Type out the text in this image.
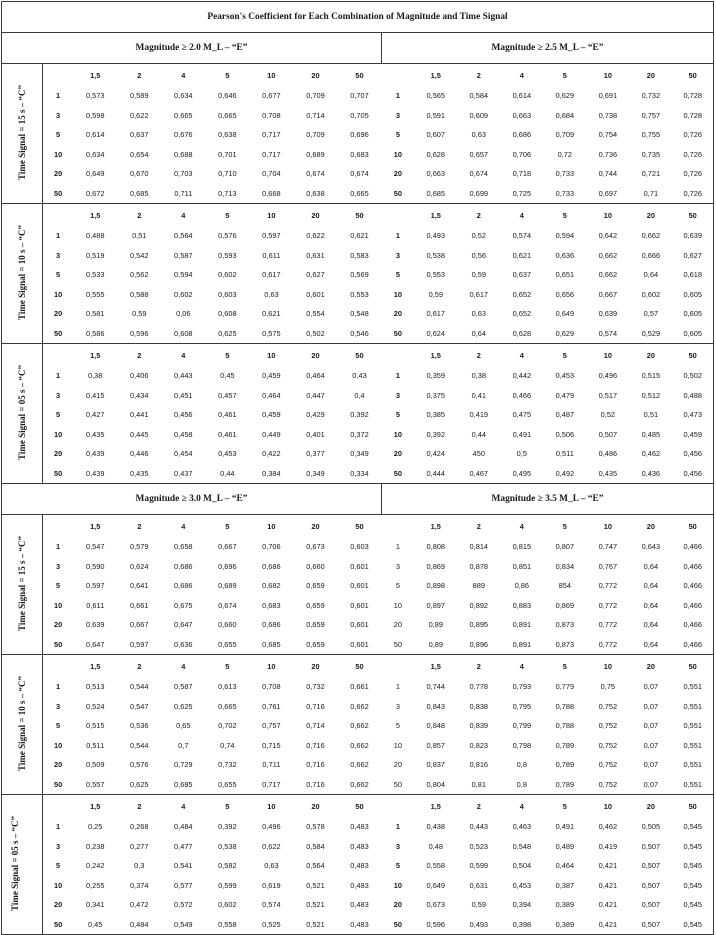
Pearson's Coefficient for Each Combination of Magnitude and Time Signal																
Magnitude ≥ 2.0 M_L – “E”									Magnitude ≥ 2.5 M_L – “E”							
Time Signal = 15 s – “C”		1,5	2	4	5	10	20	50		1,5	2	4	5	10	20	50
	1	0,573	0,589	0,634	0,646	0,677	0,709	0,707	1	0,565	0,584	0,614	0,629	0,691	0,732	0,728
	3	0,598	0,622	0,665	0,665	0,708	0,714	0,705	3	0,591	0,609	0,663	0,684	0,738	0,757	0,728
	5	0,614	0,637	0,676	0,638	0,717	0,709	0,696	5	0,607	0,63	0,686	0,709	0,754	0,755	0,726
	10	0,634	0,654	0,688	0,701	0,717	0,689	0,683	10	0,628	0,657	0,706	0,72	0,736	0,735	0,726
	20	0,649	0,670	0,703	0,710	0,704	0,674	0,674	20	0,663	0,674	0,718	0,733	0,744	0,721	0,726
	50	0,672	0,685	0,711	0,713	0,668	0,638	0,665	50	0,685	0,699	0,725	0,733	0,697	0,71	0,726
Time Signal = 10 s – “C”		1,5	2	4	5	10	20	50		1,5	2	4	5	10	20	50
	1	0,488	0,51	0,564	0,576	0,597	0,622	0,621	1	0,493	0,52	0,574	0,594	0,642	0,662	0,639
	3	0,519	0,542	0,587	0,593	0,611	0,631	0,583	3	0,538	0,56	0,621	0,636	0,662	0,666	0,627
	5	0,533	0,562	0,594	0,602	0,617	0,627	0,569	5	0,553	0,59	0,637	0,651	0,662	0,64	0,618
	10	0,555	0,588	0,602	0,603	0,63	0,601	0,553	10	0,59	0,617	0,652	0,656	0,667	0,602	0,605
	20	0,581	0,59	0,06	0,608	0,621	0,554	0,548	20	0,617	0,63	0,652	0,649	0,639	0,57	0,605
	50	0,586	0,596	0,608	0,625	0,575	0,502	0,546	50	0,624	0,64	0,628	0,629	0,574	0,529	0,605
Time Signal = 05 s – “C”		1,5	2	4	5	10	20	50		1,5	2	4	5	10	20	50
	1	0,38	0,406	0,443	0,45	0,459	0,464	0,43	1	0,359	0,38	0,442	0,453	0,496	0,515	0,502
	3	0,415	0,434	0,451	0,457	0,464	0,447	0,4	3	0,375	0,41	0,466	0,479	0,517	0,512	0,488
	5	0,427	0,441	0,456	0,461	0,459	0,429	0,392	5	0,385	0,419	0,475	0,487	0,52	0,51	0,473
	10	0,435	0,445	0,458	0,461	0,449	0,401	0,372	10	0,392	0,44	0,491	0,506	0,507	0,485	0,459
	20	0,439	0,446	0,454	0,453	0,422	0,377	0,349	20	0,424	450	0,5	0,511	0,486	0,462	0,456
	50	0,439	0,435	0,437	0,44	0,384	0,349	0,334	50	0,444	0,467	0,495	0,492	0,435	0,436	0,456
Magnitude ≥ 3.0 M_L – “E”									Magnitude ≥ 3.5 M_L – “E”							
Time Signal = 15 s – “C”		1,5	2	4	5	10	20	50		1,5	2	4	5	10	20	50
	1	0,547	0,579	0,658	0,667	0,706	0,673	0,603	1	0,808	0,814	0,815	0,807	0,747	0,643	0,466
	3	0,590	0,624	0,686	0,696	0,686	0,660	0,601	3	0,869	0,878	0,851	0,834	0,767	0,64	0,466
	5	0,597	0,641	0,686	0,689	0,682	0,659	0,601	5	0,898	889	0,86	854	0,772	0,64	0,466
	10	0,611	0,661	0,675	0,674	0,683	0,659	0,601	10	0,897	0,892	0,883	0,869	0,772	0,64	0,466
	20	0,639	0,667	0,647	0,660	0,686	0,659	0,601	20	0,89	0,895	0,891	0,873	0,772	0,64	0,466
	50	0,647	0,597	0,636	0,655	0,685	0,659	0,601	50	0,89	0,896	0,891	0,873	0,772	0,64	0,466
Time Signal = 10 s – “C”		1,5	2	4	5	10	20	50		1,5	2	4	5	10	20	50
	1	0,513	0,544	0,587	0,613	0,708	0,732	0,661	1	0,744	0,778	0,793	0,779	0,75	0,07	0,551
	3	0,524	0,547	0,625	0,665	0,761	0,716	0,662	3	0,843	0,838	0,795	0,788	0,752	0,07	0,551
	5	0,515	0,536	0,65	0,702	0,757	0,714	0,662	5	0,848	0,839	0,799	0,788	0,752	0,07	0,551
	10	0,511	0,544	0,7	0,74	0,715	0,716	0,662	10	0,857	0,823	0,798	0,789	0,752	0,07	0,551
	20	0,509	0,576	0,729	0,732	0,711	0,716	0,662	20	0,837	0,816	0,8	0,789	0,752	0,07	0,551
	50	0,557	0,625	0,685	0,655	0,717	0,716	0,662	50	0,804	0,81	0,8	0,789	0,752	0,07	0,551
Time Signal = 05 s – “C”		1,5	2	4	5	10	20	50		1,5	2	4	5	10	20	50
	1	0,25	0,268	0,484	0,392	0,496	0,578	0,483	1	0,438	0,443	0,463	0,491	0,462	0,505	0,545
	3	0,238	0,277	0,477	0,538	0,622	0,584	0,483	3	0,48	0,523	0,548	0,489	0,419	0,507	0,545
	5	0,242	0,3	0,541	0,582	0,63	0,564	0,483	5	0,558	0,599	0,504	0,464	0,421	0,507	0,545
	10	0,255	0,374	0,577	0,599	0,619	0,521	0,483	10	0,649	0,631	0,453	0,387	0,421	0,507	0,545
	20	0,341	0,472	0,572	0,602	0,574	0,521	0,483	20	0,673	0,59	0,394	0,389	0,421	0,507	0,545
	50	0,45	0,484	0,549	0,558	0,525	0,521	0,483	50	0,596	0,493	0,398	0,389	0,421	0,507	0,545
